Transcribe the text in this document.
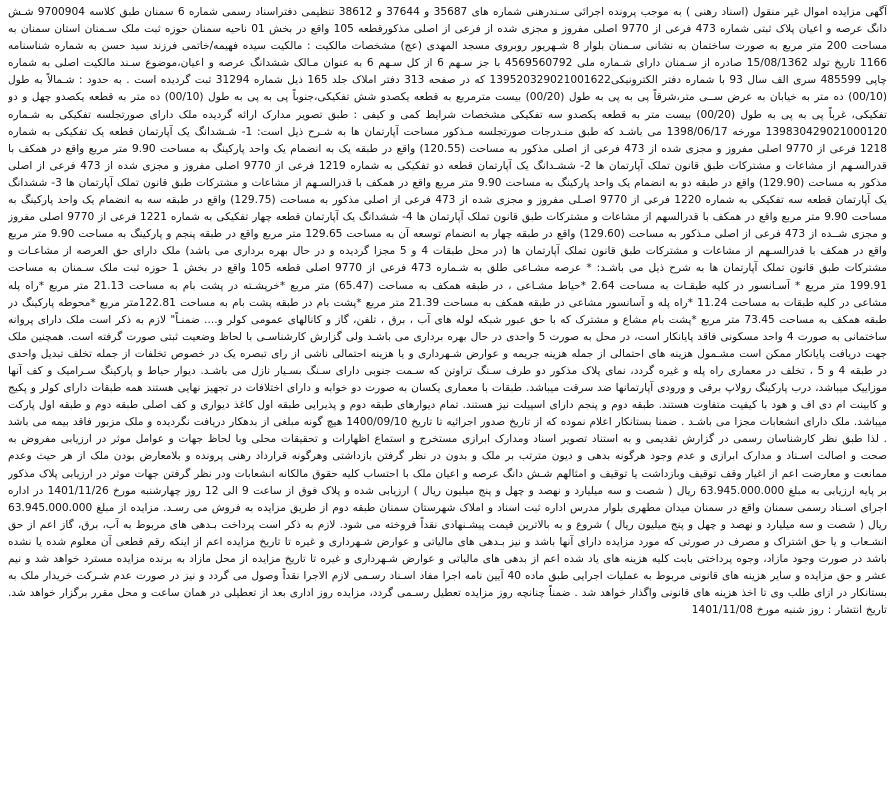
آگهی مزایده اموال غیر منقول (اسناد رهنی ) به موجب پرونده اجرائی سـندرهنی شماره های 35687 و 37644 و 38612 تنظیمی دفتراسناد رسمی شماره 6 سمنان طبق کلاسه 9700904 شـش دانگ عرصه و اعیان پلاک ثبتی شماره 473 فرعی از 9770 اصلی مفروز و مجزی شده از فرعی از اصلی مذکورقطعه 105 واقع در بخش 01 ناحیه سمنان حوزه ثبت ملک سـمنان استان سمنان به مساحت 200 متر مربع به صورت ساختمان به نشانی سـمنان بلوار 8 شـهریور روبروی مسجد المهدی (عج) مشخصات مالکیت : مالکیت سیده فهیمه/خاتمی فرزند سید حسن به شماره شناسنامه 1166 تاریخ تولد 15/08/1362 صادره از سـمنان دارای شـماره ملی 4569560792 با جز سـهم 6 از کل سـهم 6 به عنوان مـالک ششدانگ عرصه و اعیان،موضوع سـند مالکیت اصلی به شماره چاپی 485599 سری الف سال 93 با شماره دفتر الکترونیکی139520329021001622 که در صفحه 313 دفتر املاک جلد 165 ذیل شماره 31294 ثبت گردیده است . به حدود : شـمالاً به طول (00/10) ده متر به خیابان به عرض ســی متر،شرقاً پی به پی به طول (00/20) بیست مترمربع به قطعه یکصدو شش تفکیکی،جنوباً پی به پی به طول (00/10) ده متر به قطعه یکصدو چهل و دو تفکیکی، غرباً پی به پی به طول (00/20) بیست متر به قطعه یکصدو سه تفکیکی مشخصات شرایط کمی و کیفی : طبق تصویر مدارک ارائه گردیده ملک دارای صورتجلسه تفکیکی به شـماره 139830429021000120 مورخه 1398/06/17 می باشـد که طبق منـدرجات صورتجلسه مـذکور مساحت آپارتمان ها به شـرح ذیل است: 1- شـشدانگ یک آپارتمان قطعه یک تفکیکی به شماره 1218 فرعی از 9770 اصلی مفروز و مجزی شده از 473 فرعی از اصلی مذکور به مساحت (120.55) واقع در طبقه یک به انضمام یک واحد پارکینگ به مساحت 9.90 متر مربع واقع در همکف با قدرالسـهم از مشاعات و مشترکات طبق قانون تملک آپارتمان ها 2- ششـدانگ یک آپارتمان قطعه دو تفکیکی به شماره 1219 فرعی از 9770 اصلی مفروز و مجزی شده از 473 فرعی از اصلی مذکور به مساحت (129.90) واقع در طبقه دو به انضمام یک واحد پارکینگ به مساحت 9.90 متر مربع واقع در همکف با قدرالسـهم از مشاعات و مشترکات طبق قانون تملک آپارتمان ها 3- ششدانگ یک آپارتمان قطعه سه تفکیکی به شماره 1220 فرعی از 9770 اصـلی مفروز و مجزی شده از 473 فرعی از اصلی مذکور به مساحت (129.75) واقع در طبقه سه به انضمام یک واحد پارکینگ به مساحت 9.90 متر مربع واقع در همکف با قدرالسهم از مشاعات و مشترکات طبق قانون تملک آپارتمان ها 4- ششدانگ یک آپارتمان قطعه چهار تفکیکی به شماره 1221 فرعی از 9770 اصلی مفروز و مجزی شــده از 473 فرعی از اصلی مـذکور به مساحت (129.60) واقع در طبقه چهار به انضمام توسعه آن به مساحت 129.65 متر مربع واقع در طبقه پنجم و پارکینگ به مساحت 9.90 متر مربع واقع در همکف با قدرالسـهم از مشاعات و مشترکات طبق قانون تملک آپارتمان ها (در محل طبقات 4 و 5 مجزا گردیده و در حال بهره برداری می باشد) ملک دارای حق العرصه از مشاعـات و مشترکات طبق قانون تملک آپارتمان ها به شرح ذیل می باشـد: * عرصه مشـاعی طلق به شـماره 473 فرعی از 9770 اصلی قطعه 105 واقع در بخش 1 حوزه ثبت ملک سـمنان به مساحت 199.91 متر مربع * آسـانسور در کلیه طبقـات به مساحت 2.64 *حیاط مشـاعی ، در طبقه همکف به مساحت (65.47) متر مربع *خرپشـته در پشت بام به مساحت 21.13 متر مربع *راه پله مشاعی در کلیه طبقات به مساحت 11.24 *راه پله و آسانسور مشاعی در طبقه همکف به مساحت 21.39 متر مربع *پشت بام در طبقه پشت بام به مساحت 122.81متر مربع *محوطه پارکینگ در طبقه همکف به مساحت 73.45 متر مربع *پشت بام مشاع و مشترک که با حق عبور شبکه لوله های آب ، برق ، تلفن، گاز و کانالهای عمومی کولر و.... ضمنـاً" لازم به ذکر است ملک دارای پروانه ساختمانی به صورت 4 واحد مسکونی فاقد پایانکار است، در محل به صورت 5 واحدی در حال بهره برداری می باشـد ولی گزارش کارشناسـی با لحاظ وضعیت ثبتی صورت گرفته است. همچنین ملک جهت دریافت پایانکار ممکن است مشـمول هزینه های احتمالی از جمله هزینه جریمه و عوارض شـهرداری و یا هزینه احتمالی ناشی از رای تبصره یک در خصوص تخلفات از جمله تخلف تبدیل واحدی در طبقه 4 و 5 ، تخلف در معماری راه پله و غیره گردد، نمای پلاک مذکور دو طرف سـنگ تراوتن که سـمت جنوبی دارای سـنگ بسـیار نازل می باشـد. دیوار حیاط و پارکینگ سـرامیک و کف آنها موزاییک میباشد، درب پارکینگ رولاپ برقی و ورودی آپارتمانها ضد سرقت میباشد. طبقات با معماری یکسان به صورت دو خوابه و دارای اختلافات در تجهیز نهایی هستند همه طبقات دارای کولر و پکیج و کابینت ام دی اف و هود با کیفیت متفاوت هستند. طبقه دوم و پنجم دارای اسپیلت نیز هستند. تمام دیوارهای طبقه دوم و پذیرایی طبقه اول کاغذ دیواری و کف اصلی طبقه دوم و طبقه اول پارکت میباشد. ملک دارای انشعابات مجزا می باشـد . ضمنا بستانکار اعلام نموده که از تاریخ صدور اجرائیه تا تاریخ 1400/09/10 هیچ گونه مبلغی از بدهکار دریافت نگردیده و ملک مزبور فاقد بیمه می باشد . لذا طبق نظر کارشناسان رسمی در گزارش تقدیمی و به استناد تصویر اسناد ومدارک ابرازی مستخرج و استماع اظهارات و تحقیقات محلی وبا لحاظ جهات و عوامل موثر در ارزیابی مفروض به صحت و اصالت اسـناد و مدارک ابرازی و عدم وجود هرگونه بدهی و دیون مترتب بر ملک و بدون در نظر گرفتن بازداشتی وهرگونه قرارداد رهنی پرونده و بلامعارض بودن ملک از هر حیث وعدم ممانعت و معارضت اعم از اغیار وقف توقیف وبازداشت یا توقیف و امثالهم شـش دانگ عرصه و اعیان ملک با احتساب کلیه حقوق مالکانه انشعابات ودر نظر گرفتن جهات موثر در ارزیابی پلاک مذکور بر پایه ارزیابی به مبلغ 63.945.000.000 ریال ( شصت و سه میلیارد و نهصد و چهل و پنج میلیون ریال ) ارزیابی شده و پلاک فوق از ساعت 9 الی 12 روز چهارشنبه مورخ 1401/11/26 در اداره اجرای اسـناد رسمی سمنان واقع در سمنان میدان مطهری بلوار مدرس اداره ثبت اسناد و املاک شهرستان سمنان طبقه دوم از طریق مزایده به فروش می رسـد. مزایده از مبلغ 63.945.000.000 ریال ( شصت و سه میلیارد و نهصد و چهل و پنج میلیون ریال ) شروع و به بالاترین قیمت پیشـنهادی نقداً فروخته می شود. لازم به ذکر است پرداخت بـدهی های مربوط به آب، برق، گاز اعم از حق انشـعاب و یا حق اشتراک و مصرف در صورتی که مورد مزایده دارای آنها باشد و نیز بـدهی های مالیاتی و عوارض شـهرداری و غیره تا تاریخ مزایده اعم از اینکه رقم قطعی آن معلوم شده یا نشده باشد در صورت وجود مازاد، وجوه پرداختی بابت کلیه هزینه های یاد شده اعم از بدهی های مالیاتی و عوارض شـهرداری و غیره تا تاریخ مزایده از محل مازاد به برنده مزایده مسترد خواهد شد و نیم عشر و حق مزایده و سایر هزینه های قانونی مربوط به عملیات اجرایی طبق ماده 40 آیین نامه اجرا مفاد اسـناد رسـمی لازم الاجرا نقداً وصول می گردد و نیز در صورت عدم شـرکت خریدار ملک به بستانکار در ازای طلب وی تا اخذ هزینه های قانونی واگذار خواهد شد . ضمناً چنانچه روز مزایده تعطیل رسـمی گردد، مزایده روز اداری بعد از تعطیلی در همان ساعت و محل مقرر برگزار خواهد شد. تاریخ انتشار : روز شنبه مورخ 1401/11/08
